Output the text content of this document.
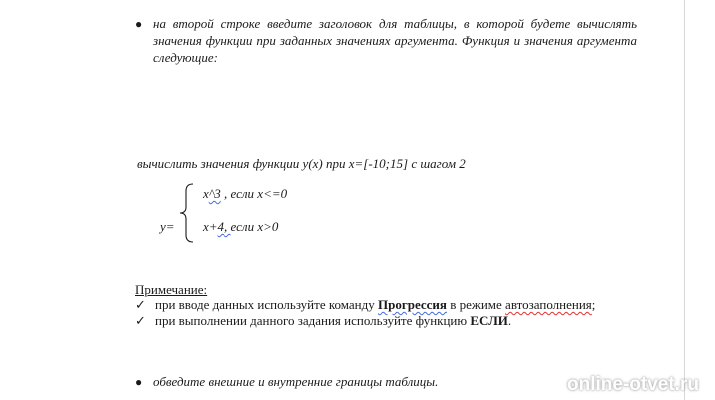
● на второй строке введите заголовок для таблицы, в которой будете вычислять значения функции при заданных значениях аргумента. Функция и значения аргумента следующие:
вычислить значения функции y(x) при x=[-10;15] с шагом 2
y=
x^3 , если x<=0
x+4, если x>0
Примечание:
✓ при вводе данных используйте команду Прогрессия в режиме автозаполнения;
✓ при выполнении данного задания используйте функцию ЕСЛИ.
● обведите внешние и внутренние границы таблицы.	online-otvet.ru
